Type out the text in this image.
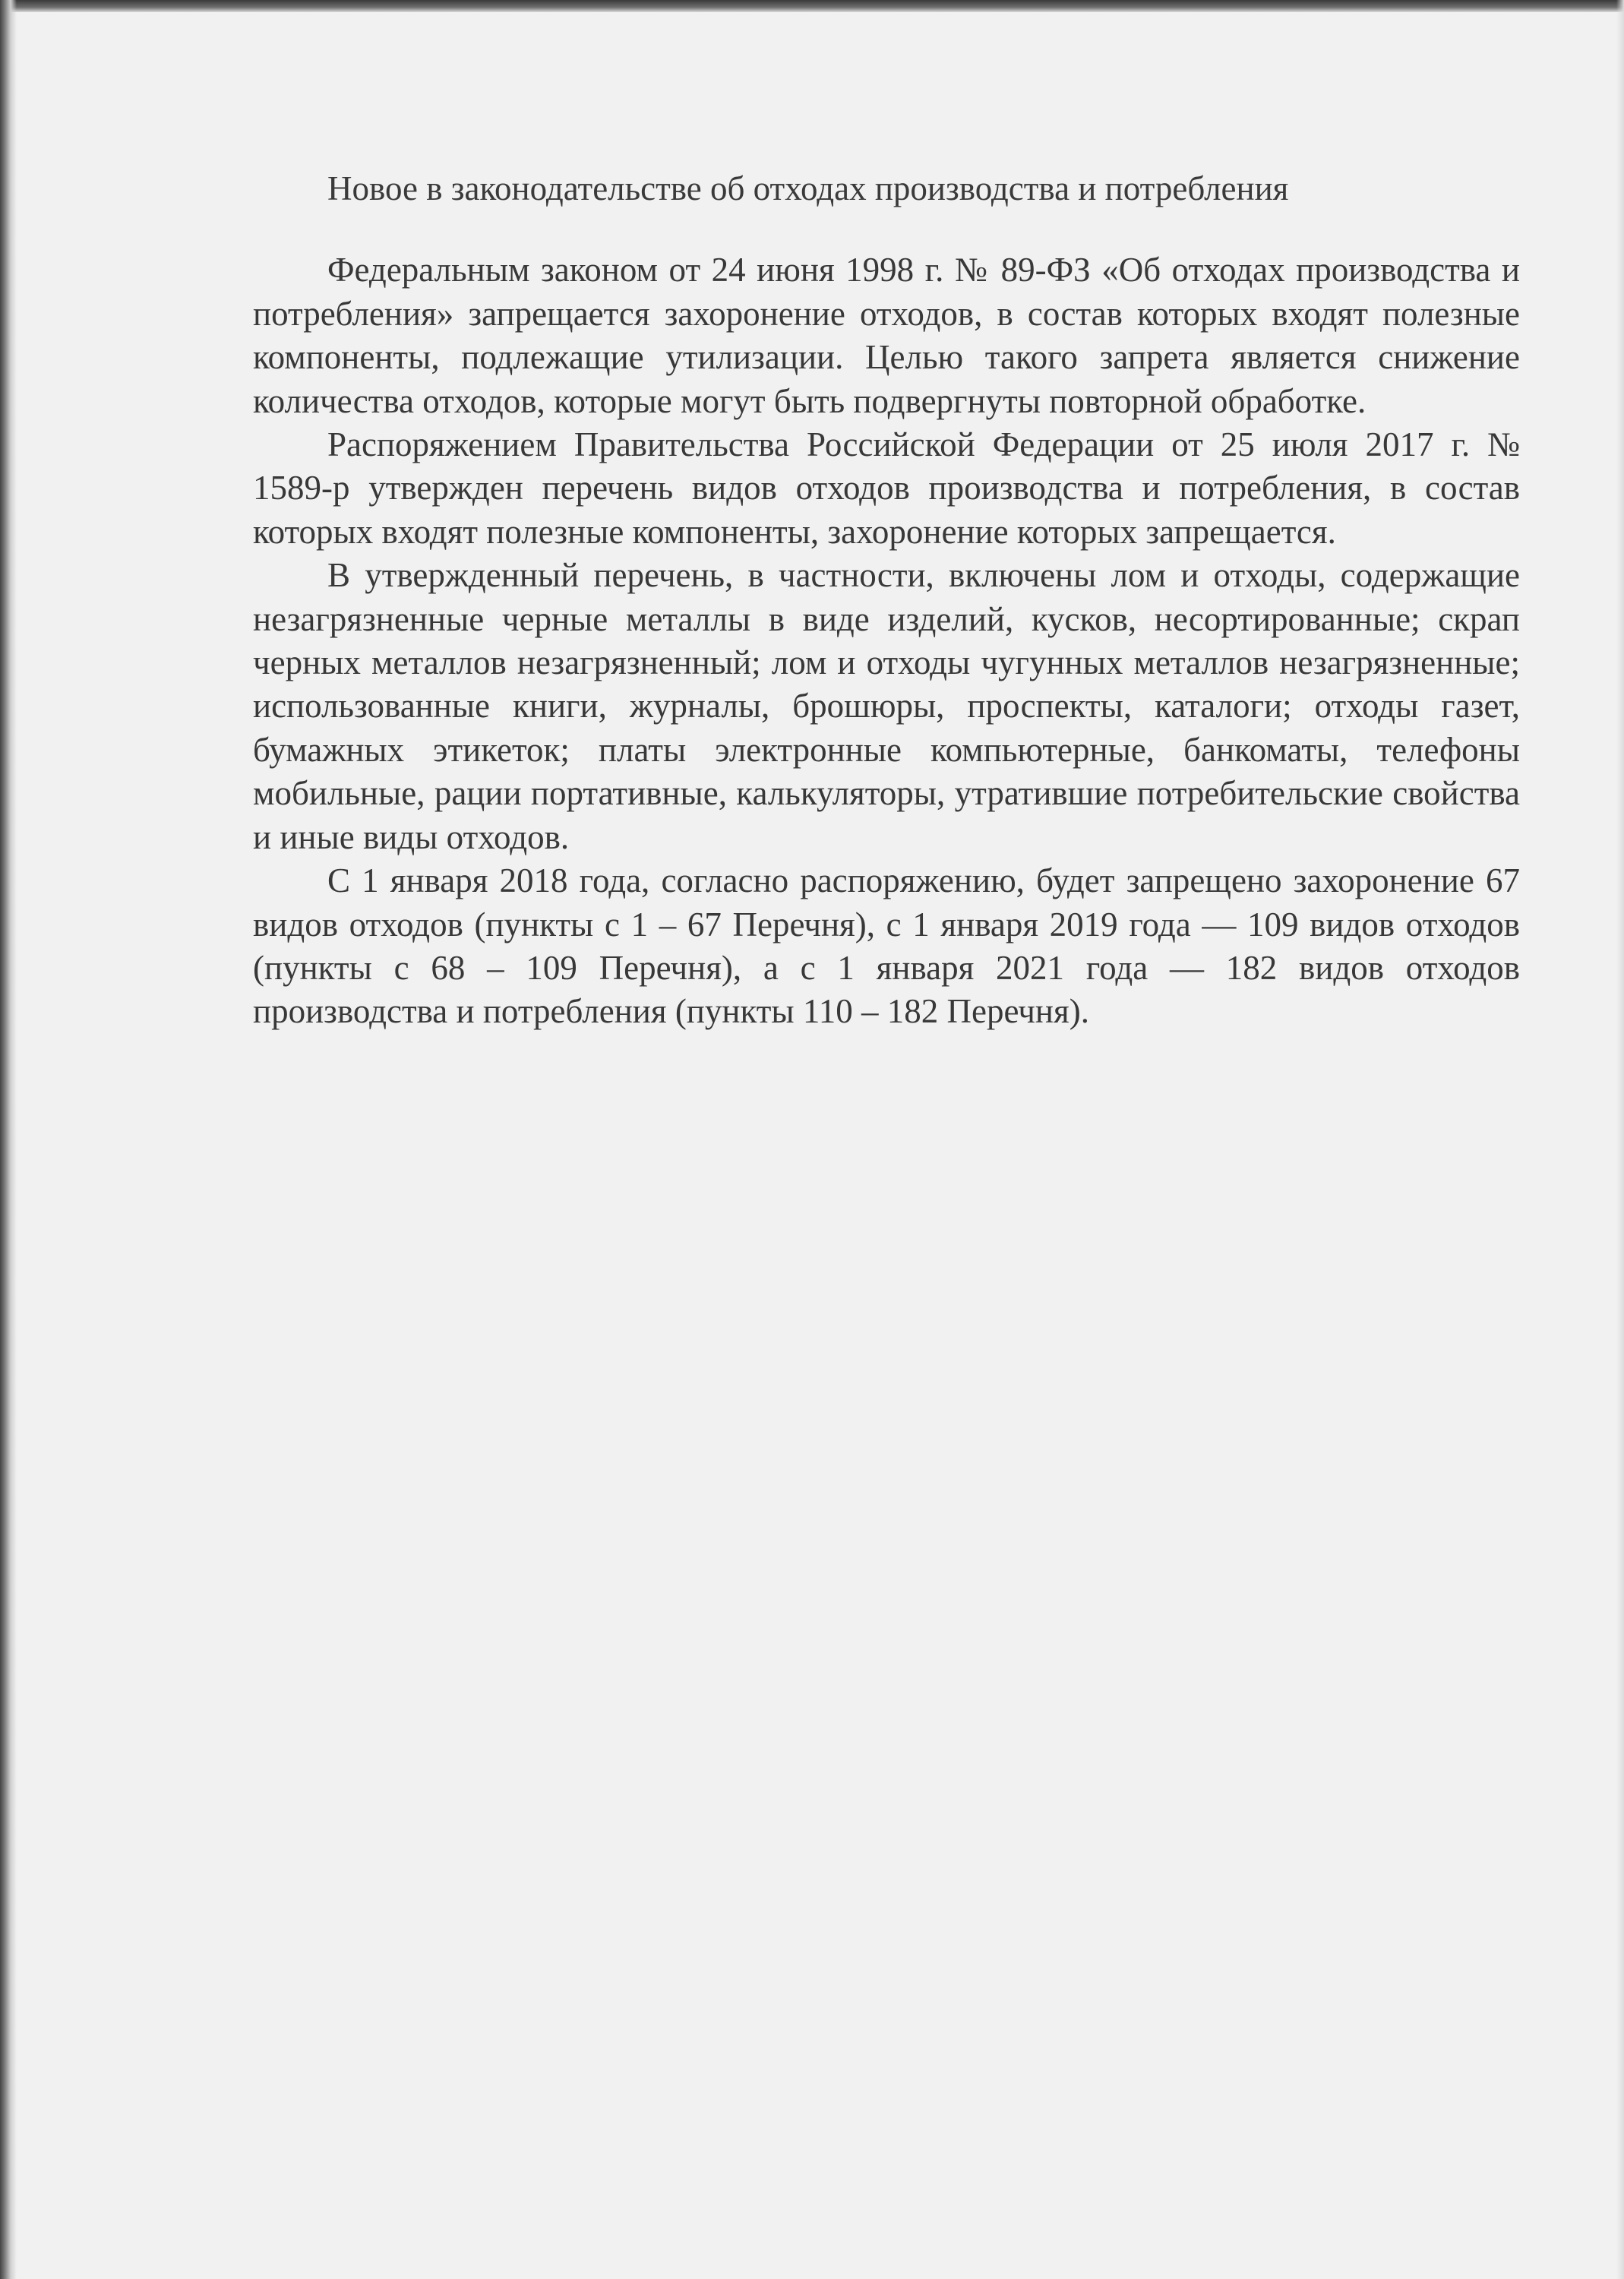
Новое в законодательстве об отходах производства и потребления

Федеральным законом от 24 июня 1998 г. № 89-ФЗ «Об отходах производства и потребления» запрещается захоронение отходов, в состав которых входят полезные компоненты, подлежащие утилизации. Целью такого запрета является снижение количества отходов, которые могут быть подвергнуты повторной обработке.

Распоряжением Правительства Российской Федерации от 25 июля 2017 г. № 1589-р утвержден перечень видов отходов производства и потребления, в состав которых входят полезные компоненты, захоронение которых запрещается.

В утвержденный перечень, в частности, включены лом и отходы, содержащие незагрязненные черные металлы в виде изделий, кусков, несортированные; скрап черных металлов незагрязненный; лом и отходы чугунных металлов незагрязненные; использованные книги, журналы, брошюры, проспекты, каталоги; отходы газет, бумажных этикеток; платы электронные компьютерные, банкоматы, телефоны мобильные, рации портативные, калькуляторы, утратившие потребительские свойства и иные виды отходов.

С 1 января 2018 года, согласно распоряжению, будет запрещено захоронение 67 видов отходов (пункты с 1 – 67 Перечня), с 1 января 2019 года — 109 видов отходов (пункты с 68 – 109 Перечня), а с 1 января 2021 года — 182 видов отходов производства и потребления (пункты 110 – 182 Перечня).
